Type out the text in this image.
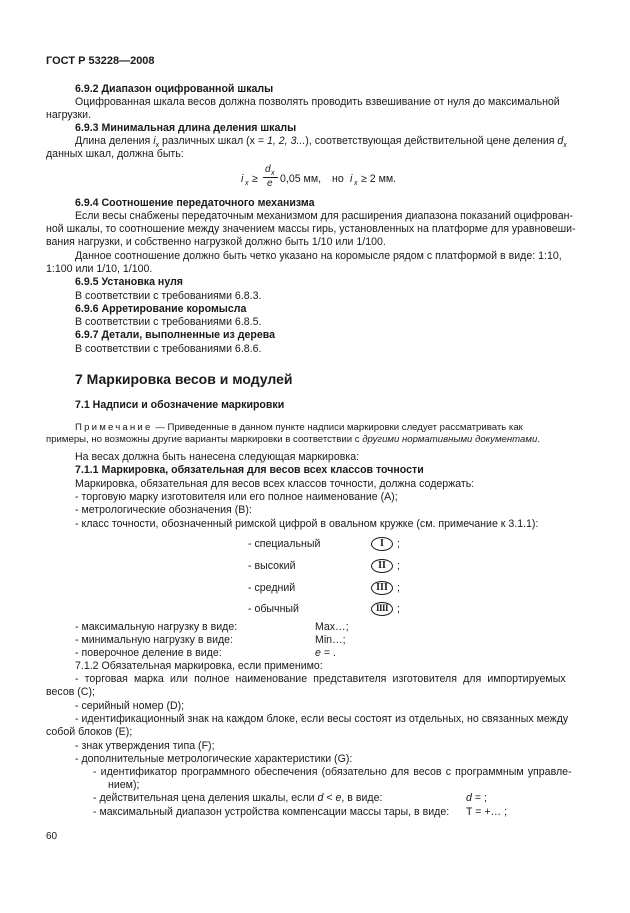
ГОСТ Р 53228—2008
6.9.2 Диапазон оцифрованной шкалы
Оцифрованная шкала весов должна позволять проводить взвешивание от нуля до максимальной
нагрузки.
6.9.3 Минимальная длина деления шкалы
Длина деления $i_x$ различных шкал (x = 1, 2, 3...), соответствующая действительной цене деления $d_x$
данных шкал, должна быть:
i x ≥
d x
e 0,05 мм, но i x ≥ 2 мм.
6.9.4 Соотношение передаточного механизма
Если весы снабжены передаточным механизмом для расширения диапазона показаний оцифрован-
ной шкалы, то соотношение между значением массы гирь, установленных на платформе для уравновеши-
вания нагрузки, и собственно нагрузкой должно быть 1/10 или 1/100.
Данное соотношение должно быть четко указано на коромысле рядом с платформой в виде: 1:10,
1:100 или 1/10, 1/100.
6.9.5 Установка нуля
В соответствии с требованиями 6.8.3.
6.9.6 Арретирование коромысла
В соответствии с требованиями 6.8.5.
6.9.7 Детали, выполненные из дерева
В соответствии с требованиями 6.8.6.
7 Маркировка весов и модулей
7.1 Надписи и обозначение маркировки
Примечание — Приведенные в данном пункте надписи маркировки следует рассматривать как
примеры, но возможны другие варианты маркировки в соответствии с другими нормативными документами.
На весах должна быть нанесена следующая маркировка:
7.1.1 Маркировка, обязательная для весов всех классов точности
Маркировка, обязательная для весов всех классов точности, должна содержать:
- торговую марку изготовителя или его полное наименование (А);
- метрологические обозначения (В):
- класс точности, обозначенный римской цифрой в овальном кружке (см. примечание к 3.1.1):
- специальный	I	;
- высокий	II	;
- средний	III ;
- обычный	IIII ;
- максимальную нагрузку в виде:	Max…;
- минимальную нагрузку в виде:	Min…;
- поверочное деление в виде:	e = .
7.1.2 Обязательная маркировка, если применимо:
- торговая марка или полное наименование представителя изготовителя для импортируемых
весов (С);
- серийный номер (D);
- идентификационный знак на каждом блоке, если весы состоят из отдельных, но связанных между
собой блоков (Е);
- знак утверждения типа (F);
- дополнительные метрологические характеристики (G):
- идентификатор программного обеспечения (обязательно для весов с программным управле-
нием);
- действительная цена деления шкалы, если d < e, в виде:	d = ;
- максимальный диапазон устройства компенсации массы тары, в виде: T = +… ;
60
